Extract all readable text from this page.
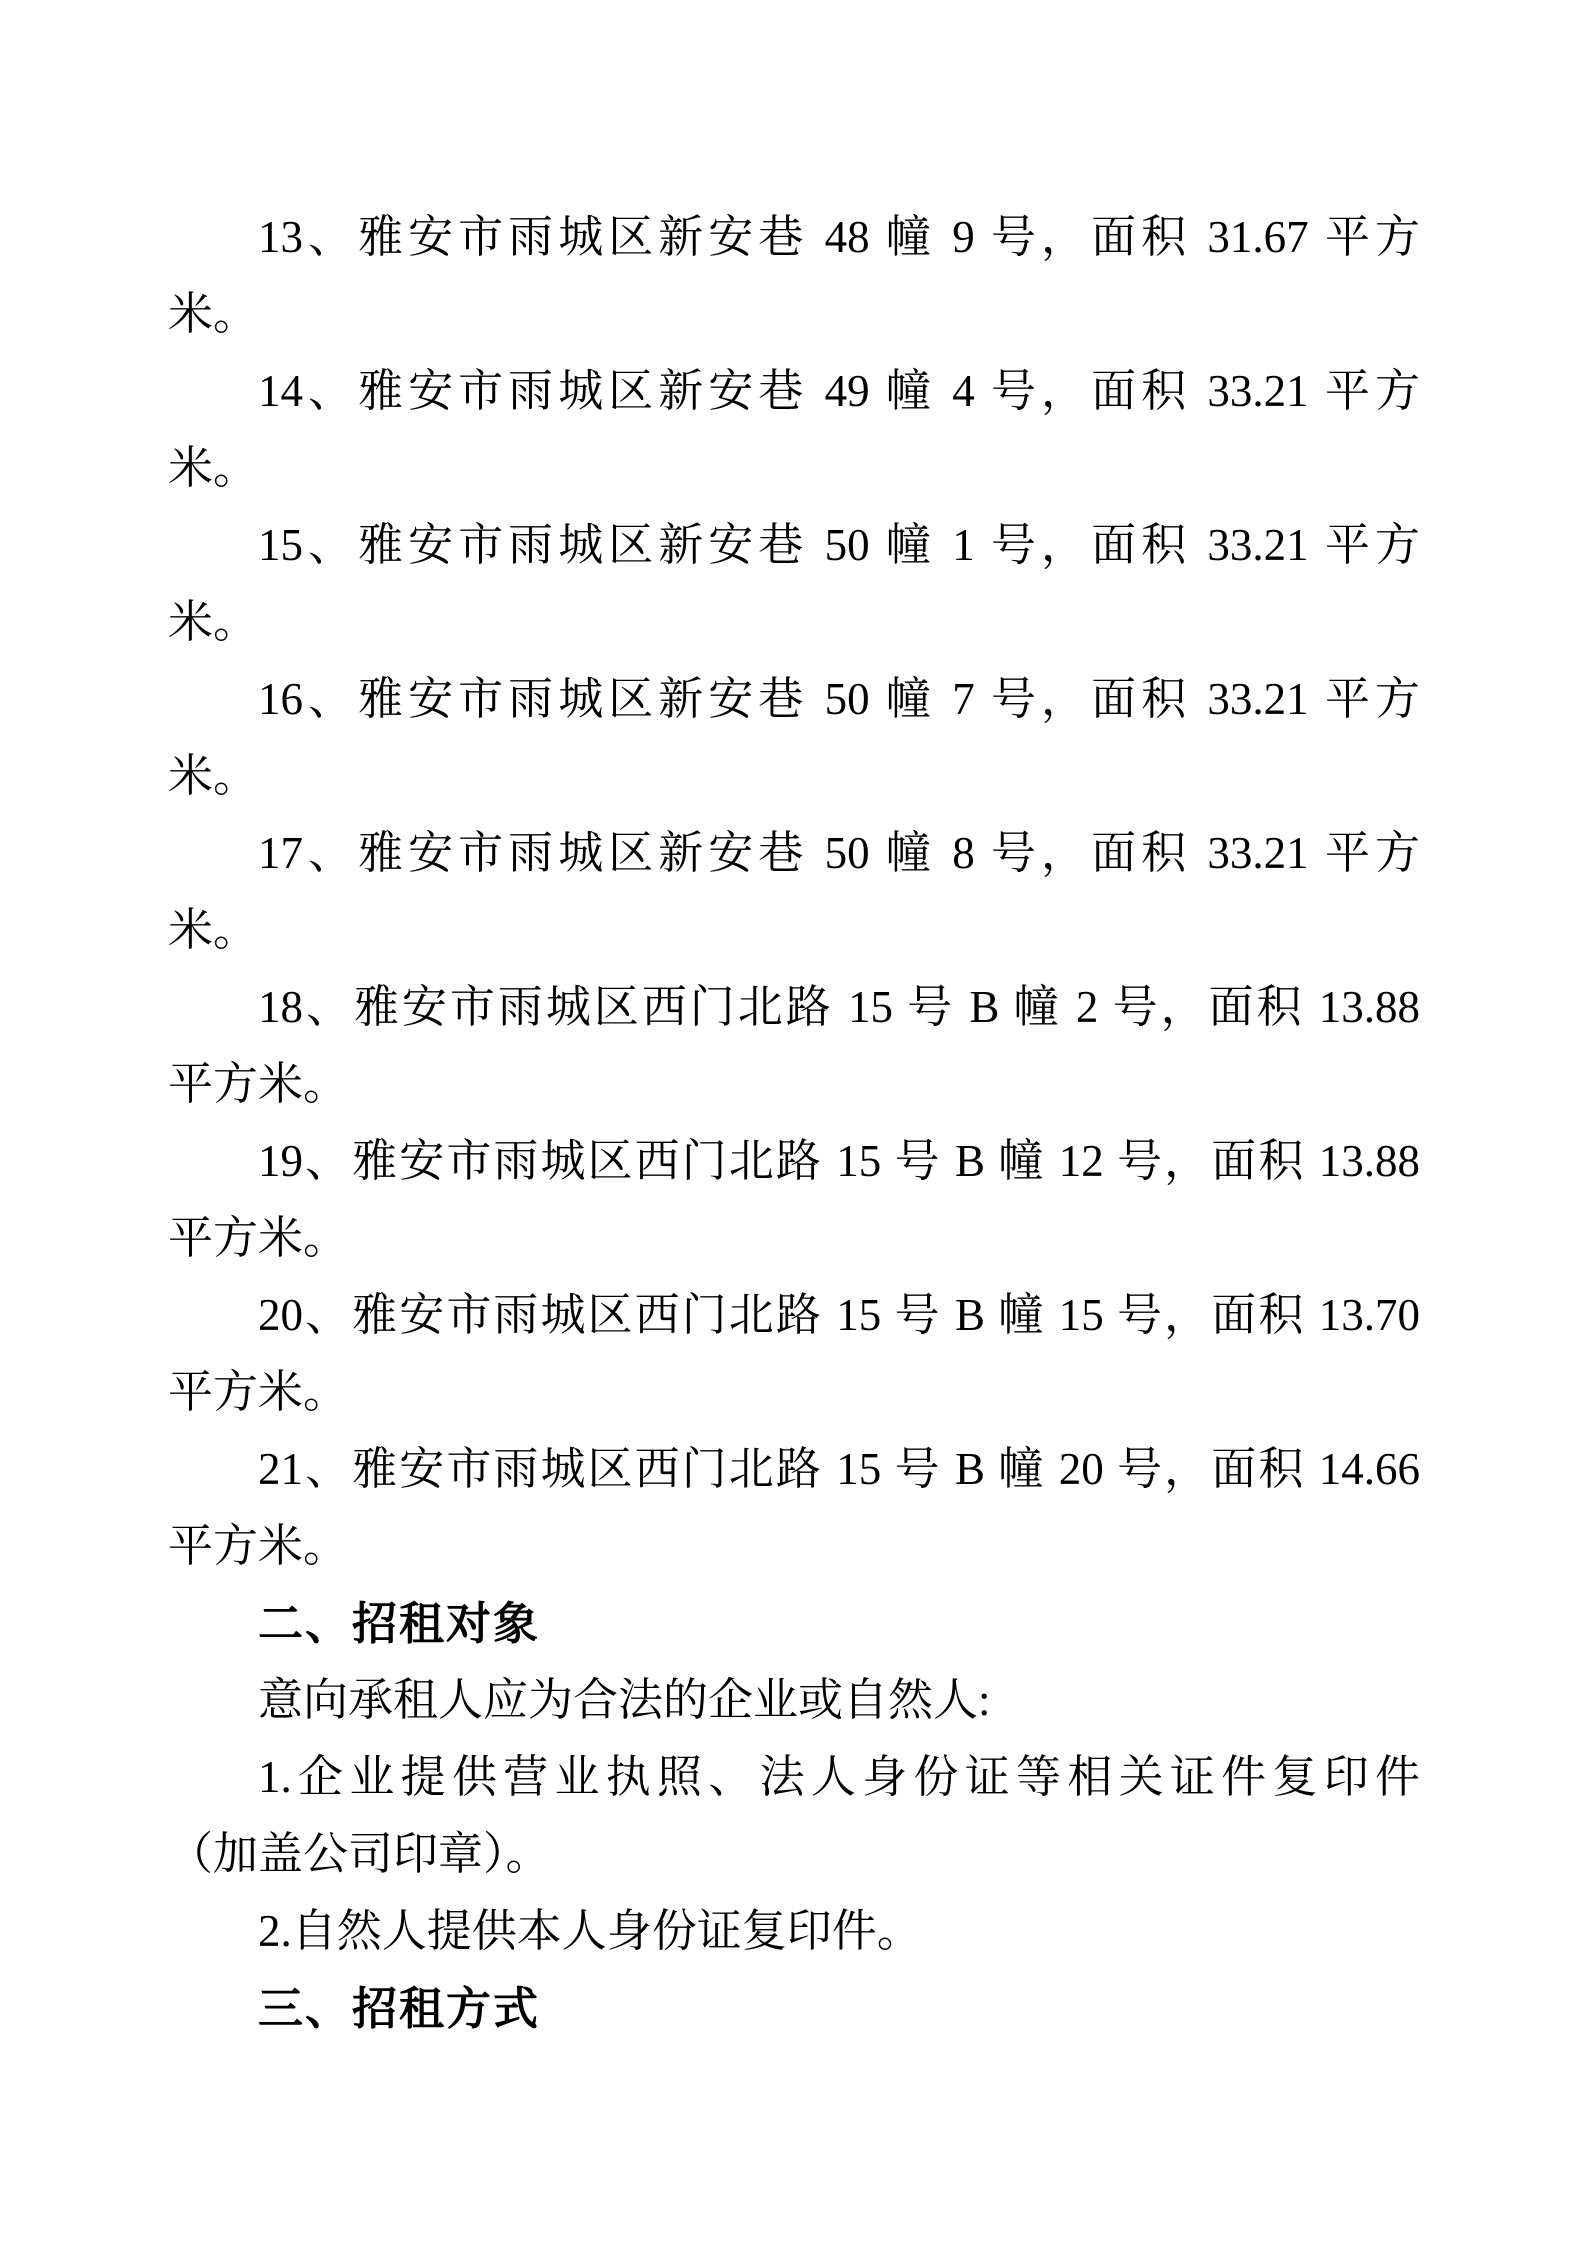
13、雅安市雨城区新安巷 48 幢 9 号，面积 31.67 平方
米。
14、雅安市雨城区新安巷 49 幢 4 号，面积 33.21 平方
米。
15、雅安市雨城区新安巷 50 幢 1 号，面积 33.21 平方
米。
16、雅安市雨城区新安巷 50 幢 7 号，面积 33.21 平方
米。
17、雅安市雨城区新安巷 50 幢 8 号，面积 33.21 平方
米。
18、雅安市雨城区西门北路 15 号 B 幢 2 号，面积 13.88
平方米。
19、雅安市雨城区西门北路 15 号 B 幢 12 号，面积 13.88
平方米。
20、雅安市雨城区西门北路 15 号 B 幢 15 号，面积 13.70
平方米。
21、雅安市雨城区西门北路 15 号 B 幢 20 号，面积 14.66
平方米。
二、招租对象
意向承租人应为合法的企业或自然人:
1.企业提供营业执照、法人身份证等相关证件复印件
（加盖公司印章）。
2.自然人提供本人身份证复印件。
三、招租方式
